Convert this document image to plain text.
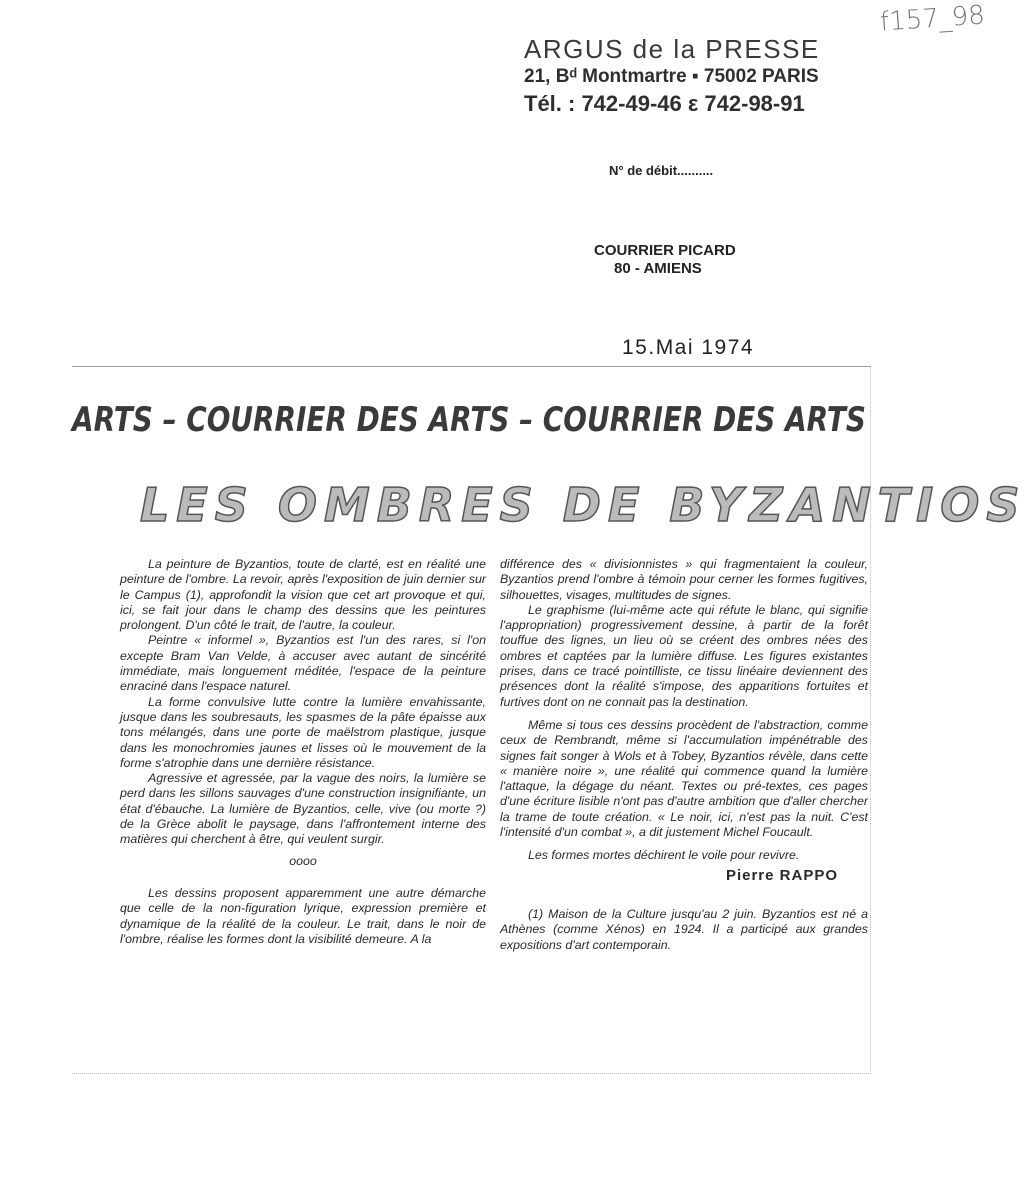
f157_98
ARGUS de la PRESSE
21, Bᵈ Montmartre ▪ 75002 PARIS
Tél. : 742-49-46 ε 742-98-91
N° de débit..........
COURRIER PICARD
80 - AMIENS
15.Mai 1974
ARTS – COURRIER DES ARTS – COURRIER DES ARTS
LES OMBRES DE BYZANTIOS

La peinture de Byzantios, toute de clarté, est en réalité une peinture de l'ombre. La revoir, après l'exposition de juin dernier sur le Campus (1), approfondit la vision que cet art provoque et qui, ici, se fait jour dans le champ des dessins que les peintures prolongent. D'un côté le trait, de l'autre, la couleur.

Peintre « informel », Byzantios est l'un des rares, si l'on excepte Bram Van Velde, à accuser avec autant de sincérité immédiate, mais longuement méditée, l'espace de la peinture enraciné dans l'espace naturel.

La forme convulsive lutte contre la lumière envahissante, jusque dans les soubresauts, les spasmes de la pâte épaisse aux tons mélangés, dans une porte de maëlstrom plastique, jusque dans les monochromies jaunes et lisses où le mouvement de la forme s'atrophie dans une dernière résistance.

Agressive et agressée, par la vague des noirs, la lumière se perd dans les sillons sauvages d'une construction insignifiante, un état d'ébauche. La lumière de Byzantios, celle, vive (ou morte ?) de la Grèce abolit le paysage, dans l'affrontement interne des matières qui cherchent à être, qui veulent surgir.

oooo

Les dessins proposent apparemment une autre démarche que celle de la non-figuration lyrique, expression première et dynamique de la réalité de la couleur. Le trait, dans le noir de l'ombre, réalise les formes dont la visibilité demeure. A la

différence des « divisionnistes » qui fragmentaient la couleur, Byzantios prend l'ombre à témoin pour cerner les formes fugitives, silhouettes, visages, multitudes de signes.

Le graphisme (lui-même acte qui réfute le blanc, qui signifie l'appropriation) progressivement dessine, à partir de la forêt touffue des lignes, un lieu où se créent des ombres nées des ombres et captées par la lumière diffuse. Les figures existantes prises, dans ce tracé pointilliste, ce tissu linéaire deviennent des présences dont la réalité s'impose, des apparitions fortuites et furtives dont on ne connait pas la destination.

Même si tous ces dessins procèdent de l'abstraction, comme ceux de Rembrandt, même si l'accumulation impénétrable des signes fait songer à Wols et à Tobey, Byzantios révèle, dans cette « manière noire », une réalité qui commence quand la lumière l'attaque, la dégage du néant. Textes ou pré-textes, ces pages d'une écriture lisible n'ont pas d'autre ambition que d'aller chercher la trame de toute création. « Le noir, ici, n'est pas la nuit. C'est l'intensité d'un combat », a dit justement Michel Foucault.

Les formes mortes déchirent le voile pour revivre.

Pierre RAPPO

(1) Maison de la Culture jusqu'au 2 juin. Byzantios est né a Athènes (comme Xénos) en 1924. Il a participé aux grandes expositions d'art contemporain.
